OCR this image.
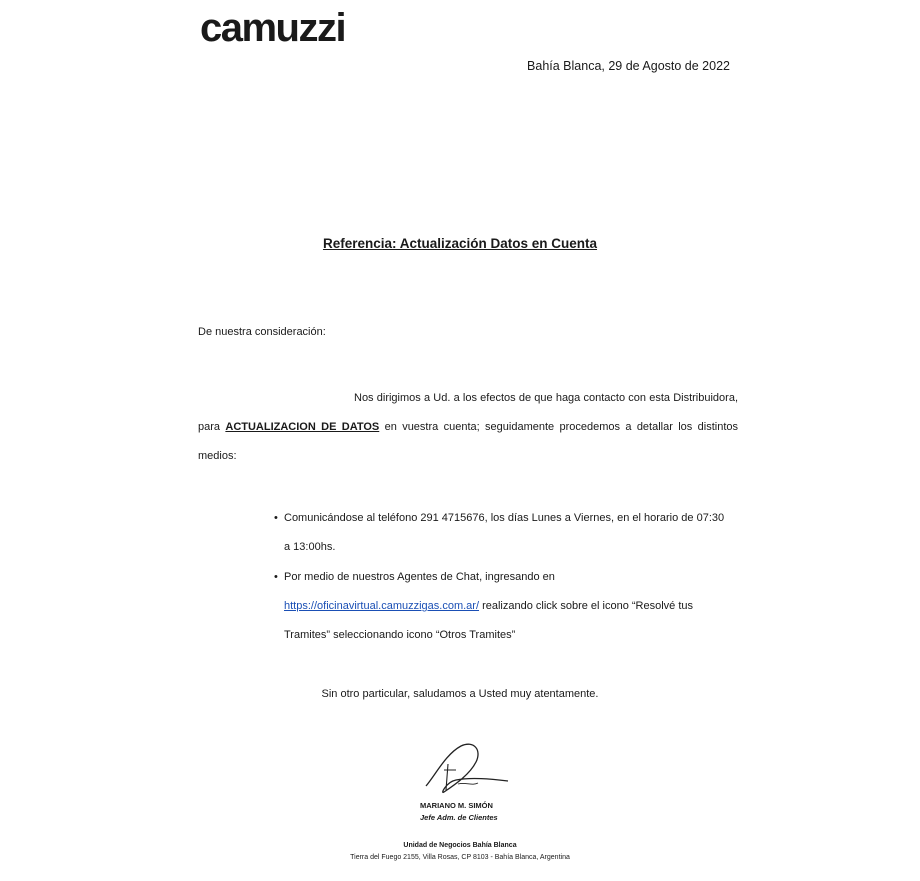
camuzzi
Bahía Blanca, 29 de Agosto de 2022
Referencia: Actualización Datos en Cuenta
De nuestra consideración:
Nos dirigimos a Ud. a los efectos de que haga contacto con esta Distribuidora, para ACTUALIZACION DE DATOS en vuestra cuenta; seguidamente procedemos a detallar los distintos medios:
• Comunicándose al teléfono 291 4715676, los días Lunes a Viernes, en el horario de 07:30
a 13:00hs.
• Por medio de nuestros Agentes de Chat, ingresando en
https://oficinavirtual.camuzzigas.com.ar/ realizando click sobre el icono “Resolvé tus
Tramites” seleccionando icono “Otros Tramites”
Sin otro particular, saludamos a Usted muy atentamente.
MARIANO M. SIMÓN
Jefe Adm. de Clientes
Unidad de Negocios Bahía Blanca
Tierra del Fuego 2155, Villa Rosas, CP 8103 - Bahía Blanca, Argentina
